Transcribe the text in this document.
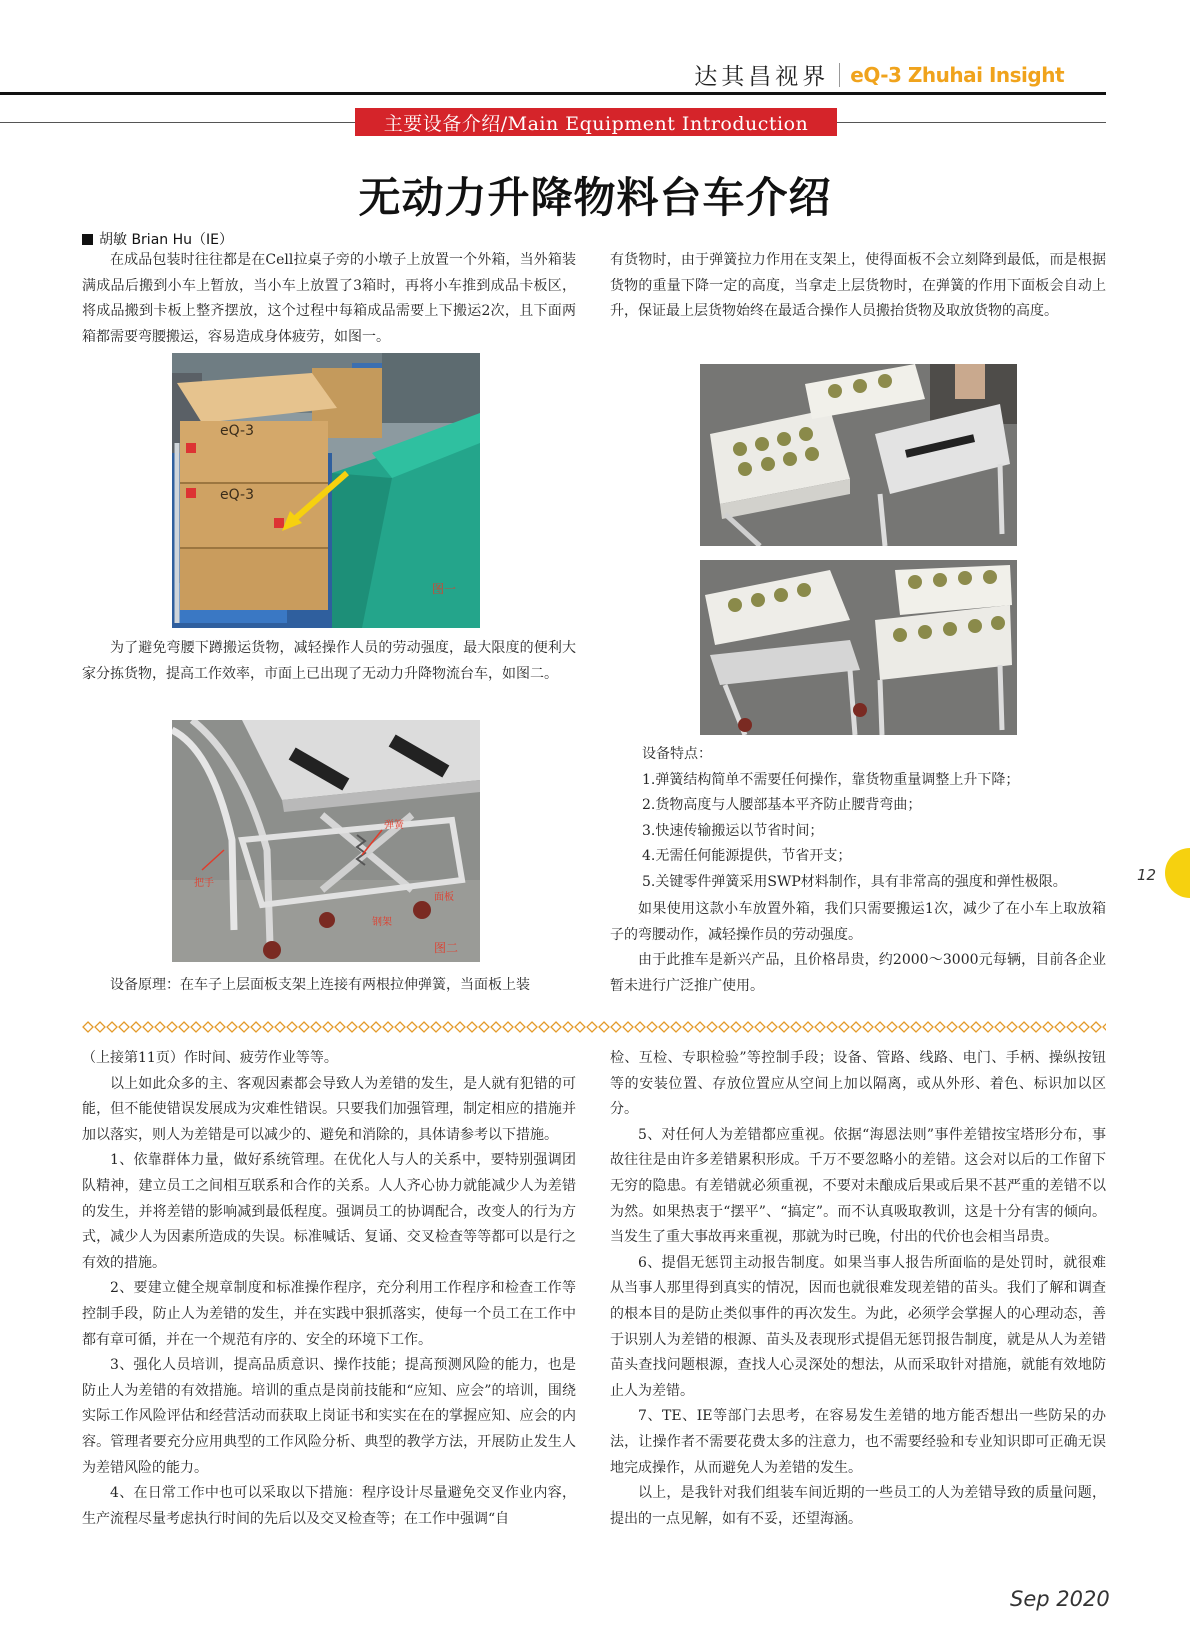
达其昌视界 eQ-3 Zhuhai Insight
主要设备介绍/Main Equipment Introduction
无动力升降物料台车介绍
胡敏 Brian Hu（IE）

在成品包装时往往都是在Cell拉桌子旁的小墩子上放置一个外箱，当外箱装满成品后搬到小车上暂放，当小车上放置了3箱时，再将小车推到成品卡板区，将成品搬到卡板上整齐摆放，这个过程中每箱成品需要上下搬运2次，且下面两箱都需要弯腰搬运，容易造成身体疲劳，如图一。

eQ-3
eQ-3
图一

为了避免弯腰下蹲搬运货物，减轻操作人员的劳动强度，最大限度的便利大家分拣货物，提高工作效率，市面上已出现了无动力升降物流台车，如图二。

把手
弹簧
钢架
面板
图二

设备原理：在车子上层面板支架上连接有两根拉伸弹簧，当面板上装

有货物时，由于弹簧拉力作用在支架上，使得面板不会立刻降到最低，而是根据货物的重量下降一定的高度，当拿走上层货物时，在弹簧的作用下面板会自动上升，保证最上层货物始终在最适合操作人员搬抬货物及取放货物的高度。

设备特点：

1.弹簧结构简单不需要任何操作，靠货物重量调整上升下降；

2.货物高度与人腰部基本平齐防止腰背弯曲；

3.快速传输搬运以节省时间；

4.无需任何能源提供，节省开支；

5.关键零件弹簧采用SWP材料制作，具有非常高的强度和弹性极限。

如果使用这款小车放置外箱，我们只需要搬运1次，减少了在小车上取放箱子的弯腰动作，减轻操作员的劳动强度。

由于此推车是新兴产品，且价格昂贵，约2000～3000元每辆，目前各企业暂未进行广泛推广使用。

12

（上接第11页）作时间、疲劳作业等等。

以上如此众多的主、客观因素都会导致人为差错的发生，是人就有犯错的可能，但不能使错误发展成为灾难性错误。只要我们加强管理，制定相应的措施并加以落实，则人为差错是可以减少的、避免和消除的，具体请参考以下措施。

1、依靠群体力量，做好系统管理。在优化人与人的关系中，要特别强调团队精神，建立员工之间相互联系和合作的关系。人人齐心协力就能减少人为差错的发生，并将差错的影响减到最低程度。强调员工的协调配合，改变人的行为方式，减少人为因素所造成的失误。标准喊话、复诵、交叉检查等等都可以是行之有效的措施。

2、要建立健全规章制度和标准操作程序，充分利用工作程序和检查工作等控制手段，防止人为差错的发生，并在实践中狠抓落实，使每一个员工在工作中都有章可循，并在一个规范有序的、安全的环境下工作。

3、强化人员培训，提高品质意识、操作技能；提高预测风险的能力，也是防止人为差错的有效措施。培训的重点是岗前技能和“应知、应会”的培训，围绕实际工作风险评估和经营活动而获取上岗证书和实实在在的掌握应知、应会的内容。管理者要充分应用典型的工作风险分析、典型的教学方法，开展防止发生人为差错风险的能力。

4、在日常工作中也可以采取以下措施：程序设计尽量避免交叉作业内容，生产流程尽量考虑执行时间的先后以及交叉检查等；在工作中强调“自

检、互检、专职检验”等控制手段；设备、管路、线路、电门、手柄、操纵按钮等的安装位置、存放位置应从空间上加以隔离，或从外形、着色、标识加以区分。

5、对任何人为差错都应重视。依据“海恩法则”事件差错按宝塔形分布，事故往往是由许多差错累积形成。千万不要忽略小的差错。这会对以后的工作留下无穷的隐患。有差错就必须重视，不要对未酿成后果或后果不甚严重的差错不以为然。如果热衷于“摆平”、“搞定”。而不认真吸取教训，这是十分有害的倾向。当发生了重大事故再来重视，那就为时已晚，付出的代价也会相当昂贵。

6、提倡无惩罚主动报告制度。如果当事人报告所面临的是处罚时，就很难从当事人那里得到真实的情况，因而也就很难发现差错的苗头。我们了解和调查的根本目的是防止类似事件的再次发生。为此，必须学会掌握人的心理动态，善于识别人为差错的根源、苗头及表现形式提倡无惩罚报告制度，就是从人为差错苗头查找问题根源，查找人心灵深处的想法，从而采取针对措施，就能有效地防止人为差错。

7、TE、IE等部门去思考，在容易发生差错的地方能否想出一些防呆的办法，让操作者不需要花费太多的注意力，也不需要经验和专业知识即可正确无误地完成操作，从而避免人为差错的发生。

以上，是我针对我们组装车间近期的一些员工的人为差错导致的质量问题，提出的一点见解，如有不妥，还望海涵。

Sep 2020
